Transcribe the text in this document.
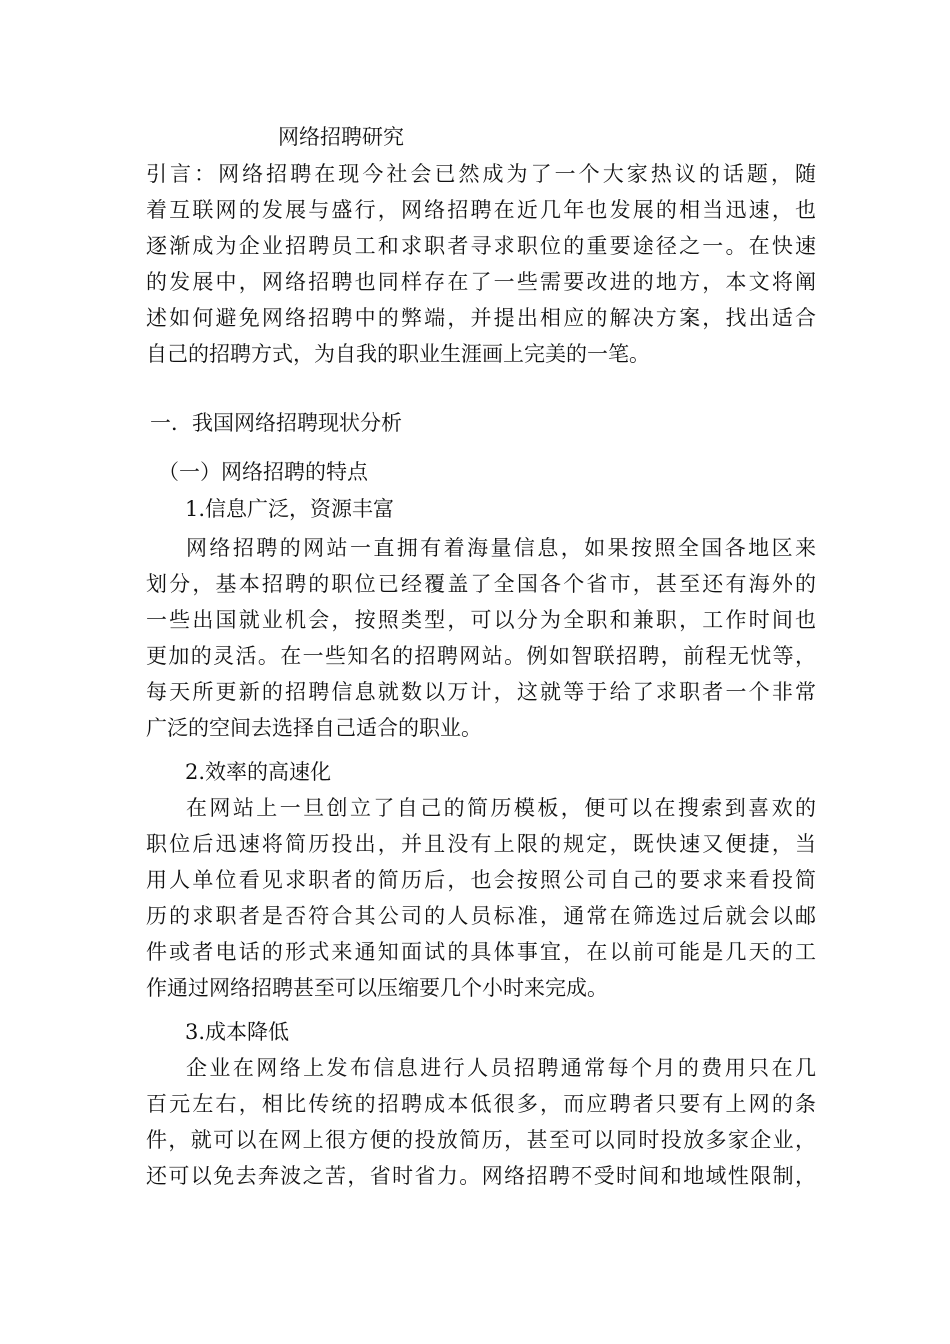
网络招聘研究
引言：网络招聘在现今社会已然成为了一个大家热议的话题，随
着互联网的发展与盛行，网络招聘在近几年也发展的相当迅速，也
逐渐成为企业招聘员工和求职者寻求职位的重要途径之一。在快速
的发展中，网络招聘也同样存在了一些需要改进的地方，本文将阐
述如何避免网络招聘中的弊端，并提出相应的解决方案，找出适合
自己的招聘方式，为自我的职业生涯画上完美的一笔。
一．我国网络招聘现状分析
（一）网络招聘的特点
1.信息广泛，资源丰富
网络招聘的网站一直拥有着海量信息，如果按照全国各地区来
划分，基本招聘的职位已经覆盖了全国各个省市，甚至还有海外的
一些出国就业机会，按照类型，可以分为全职和兼职，工作时间也
更加的灵活。在一些知名的招聘网站。例如智联招聘，前程无忧等，
每天所更新的招聘信息就数以万计，这就等于给了求职者一个非常
广泛的空间去选择自己适合的职业。
2.效率的高速化
在网站上一旦创立了自己的简历模板，便可以在搜索到喜欢的
职位后迅速将简历投出，并且没有上限的规定，既快速又便捷，当
用人单位看见求职者的简历后，也会按照公司自己的要求来看投简
历的求职者是否符合其公司的人员标准，通常在筛选过后就会以邮
件或者电话的形式来通知面试的具体事宜，在以前可能是几天的工
作通过网络招聘甚至可以压缩要几个小时来完成。
3.成本降低
企业在网络上发布信息进行人员招聘通常每个月的费用只在几
百元左右，相比传统的招聘成本低很多，而应聘者只要有上网的条
件，就可以在网上很方便的投放简历，甚至可以同时投放多家企业，
还可以免去奔波之苦，省时省力。网络招聘不受时间和地域性限制，
